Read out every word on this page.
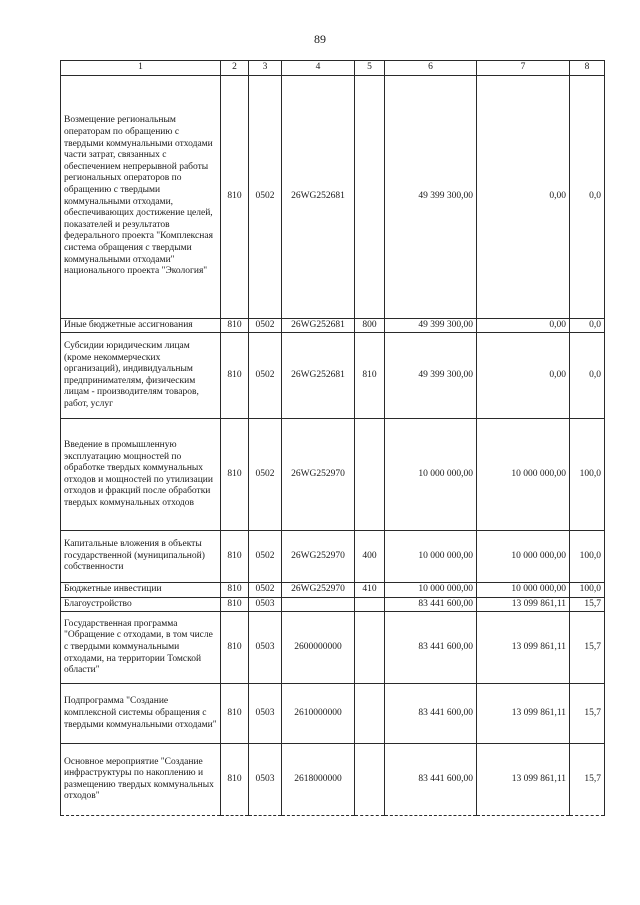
89
1	2	3	4	5	6	7	8
Возмещение региональным операторам по обращению с твердыми коммунальными отходами части затрат, связанных с обеспечением непрерывной работы региональных операторов по обращению с твердыми коммунальными отходами, обеспечивающих достижение целей, показателей и результатов федерального проекта "Комплексная система обращения с твердыми коммунальными отходами" национального проекта "Экология"	810	0502	26WG252681		49 399 300,00	0,00	0,0
Иные бюджетные ассигнования	810	0502	26WG252681	800	49 399 300,00	0,00	0,0
Субсидии юридическим лицам (кроме некоммерческих организаций), индивидуальным предпринимателям, физическим лицам - производителям товаров, работ, услуг	810	0502	26WG252681	810	49 399 300,00	0,00	0,0
Введение в промышленную эксплуатацию мощностей по обработке твердых коммунальных отходов и мощностей по утилизации отходов и фракций после обработки твердых коммунальных отходов	810	0502	26WG252970		10 000 000,00	10 000 000,00	100,0
Капитальные вложения в объекты государственной (муниципальной) собственности	810	0502	26WG252970	400	10 000 000,00	10 000 000,00	100,0
Бюджетные инвестиции	810	0502	26WG252970	410	10 000 000,00	10 000 000,00	100,0
Благоустройство	810	0503			83 441 600,00	13 099 861,11	15,7
Государственная программа "Обращение с отходами, в том числе с твердыми коммунальными отходами, на территории Томской области"	810	0503	2600000000		83 441 600,00	13 099 861,11	15,7
Подпрограмма "Создание комплексной системы обращения с твердыми коммунальными отходами"	810	0503	2610000000		83 441 600,00	13 099 861,11	15,7
Основное мероприятие "Создание инфраструктуры по накоплению и размещению твердых коммунальных отходов"	810	0503	2618000000		83 441 600,00	13 099 861,11	15,7
